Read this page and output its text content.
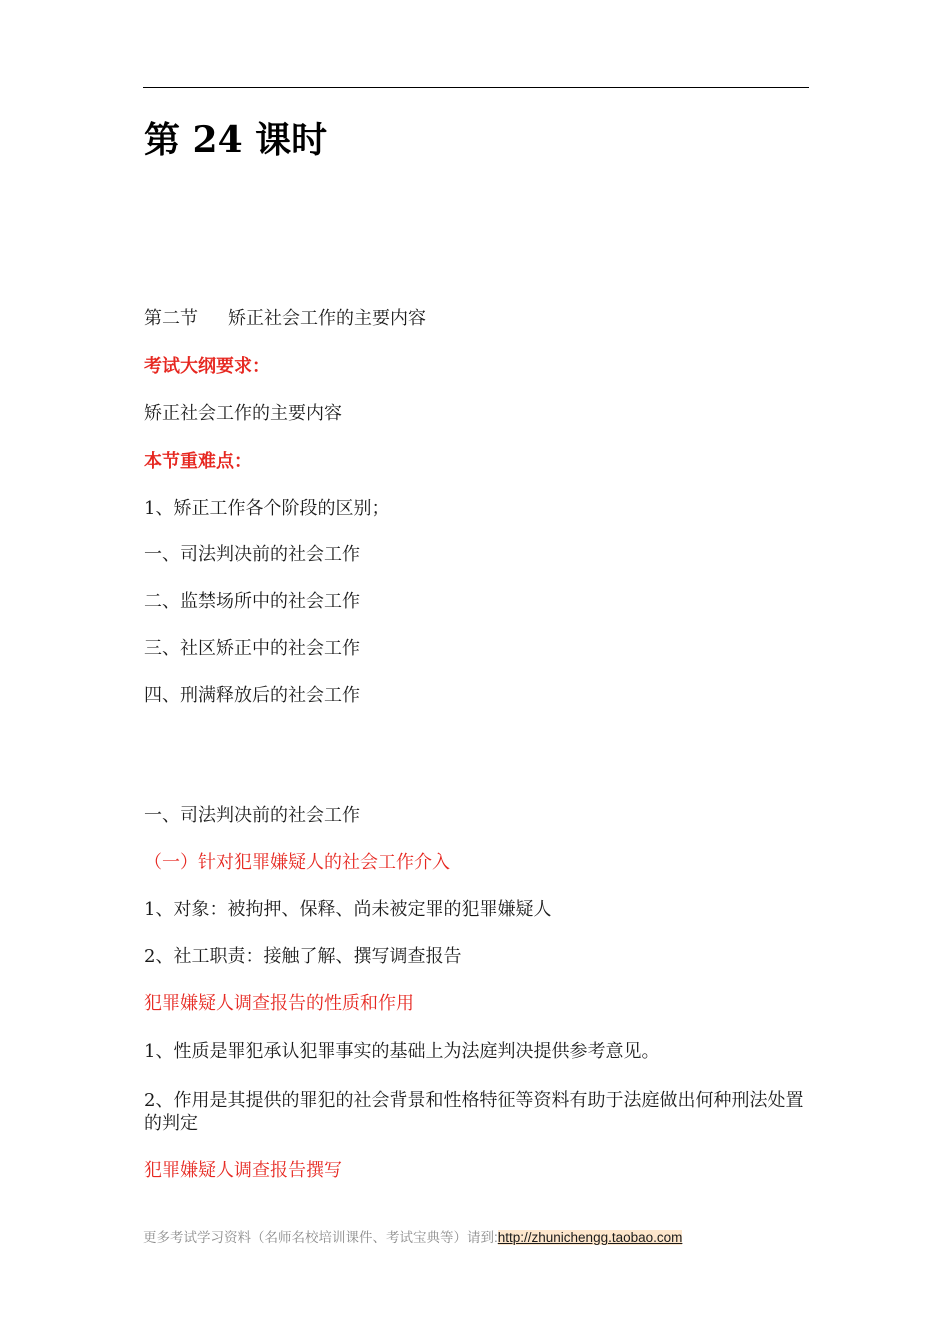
第 24 课时
第二节 矫正社会工作的主要内容
考试大纲要求：
矫正社会工作的主要内容
本节重难点：
1、矫正工作各个阶段的区别；
一、司法判决前的社会工作
二、监禁场所中的社会工作
三、社区矫正中的社会工作
四、刑满释放后的社会工作
一、司法判决前的社会工作
（一）针对犯罪嫌疑人的社会工作介入
1、对象：被拘押、保释、尚未被定罪的犯罪嫌疑人
2、社工职责：接触了解、撰写调查报告
犯罪嫌疑人调查报告的性质和作用
1、性质是罪犯承认犯罪事实的基础上为法庭判决提供参考意见。
2、作用是其提供的罪犯的社会背景和性格特征等资料有助于法庭做出何种刑法处置的判定
犯罪嫌疑人调查报告撰写
更多考试学习资料（名师名校培训课件、考试宝典等）请到:http://zhunichengg.taobao.com
